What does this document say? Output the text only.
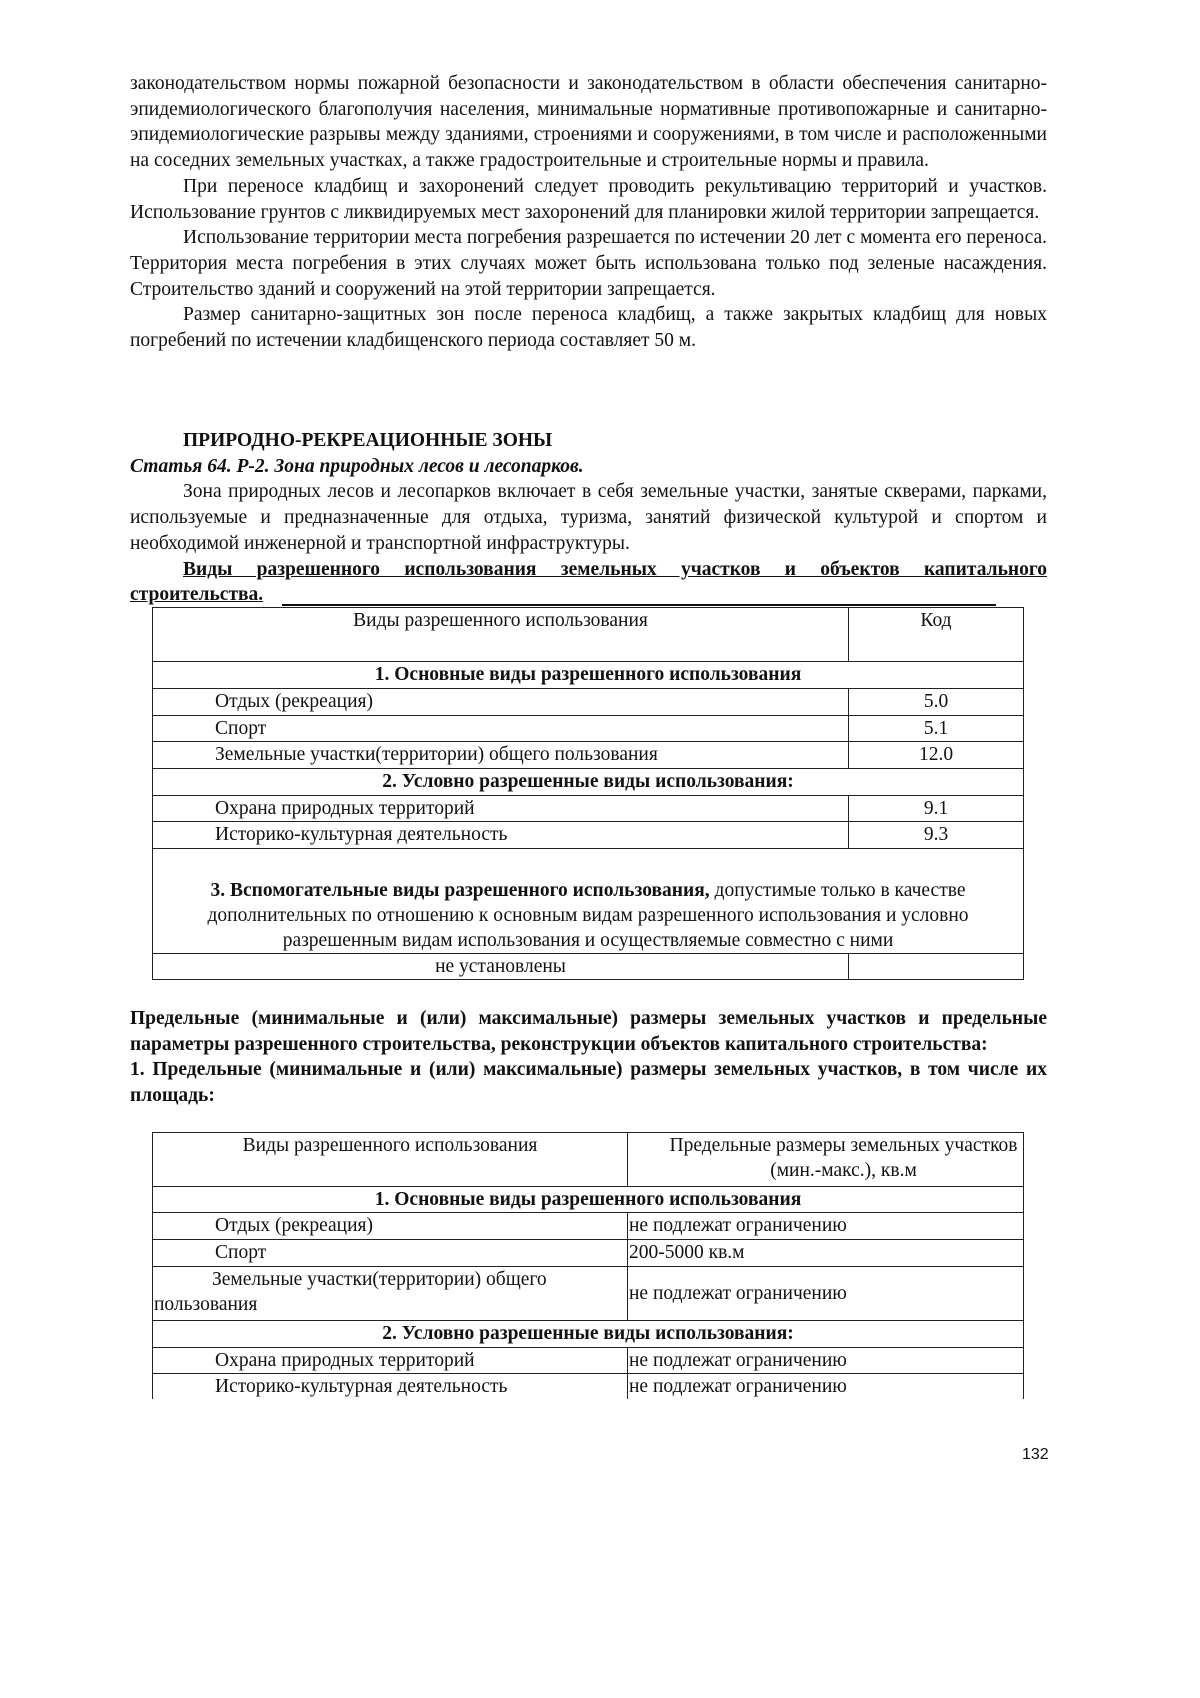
законодательством нормы пожарной безопасности и законодательством в области обеспечения санитарно-эпидемиологического благополучия населения, минимальные нормативные противопожарные и санитарно-эпидемиологические разрывы между зданиями, строениями и сооружениями, в том числе и расположенными на соседних земельных участках, а также градостроительные и строительные нормы и правила.

При переносе кладбищ и захоронений следует проводить рекультивацию территорий и участков. Использование грунтов с ликвидируемых мест захоронений для планировки жилой территории запрещается.

Использование территории места погребения разрешается по истечении 20 лет с момента его переноса. Территория места погребения в этих случаях может быть использована только под зеленые насаждения. Строительство зданий и сооружений на этой территории запрещается.

Размер санитарно-защитных зон после переноса кладбищ, а также закрытых кладбищ для новых погребений по истечении кладбищенского периода составляет 50 м.

ПРИРОДНО-РЕКРЕАЦИОННЫЕ ЗОНЫ

Статья 64. Р-2. Зона природных лесов и лесопарков.

Зона природных лесов и лесопарков включает в себя земельные участки, занятые скверами, парками, используемые и предназначенные для отдыха, туризма, занятий физической культурой и спортом и необходимой инженерной и транспортной инфраструктуры.

Виды разрешенного использования земельных участков и объектов капитального строительства.

Виды разрешенного использования	Код
1. Основные виды разрешенного использования	
Отдых (рекреация)	5.0
Спорт	5.1
Земельные участки(территории) общего пользования	12.0
2. Условно разрешенные виды использования:	
Охрана природных территорий	9.1
Историко-культурная деятельность	9.3
3. Вспомогательные виды разрешенного использования, допустимые только в качестве дополнительных по отношению к основным видам разрешенного использования и условно разрешенным видам использования и осуществляемые совместно с ними	
не установлены	

Предельные (минимальные и (или) максимальные) размеры земельных участков и предельные параметры разрешенного строительства, реконструкции объектов капитального строительства:

1. Предельные (минимальные и (или) максимальные) размеры земельных участков, в том числе их площадь:

Виды разрешенного использования	Предельные размеры земельных участков (мин.-макс.), кв.м
1. Основные виды разрешенного использования	
Отдых (рекреация)	не подлежат ограничению
Спорт	200-5000 кв.м
Земельные участки(территории) общего пользования	не подлежат ограничению
2. Условно разрешенные виды использования:	
Охрана природных территорий	не подлежат ограничению
Историко-культурная деятельность	не подлежат ограничению
132
